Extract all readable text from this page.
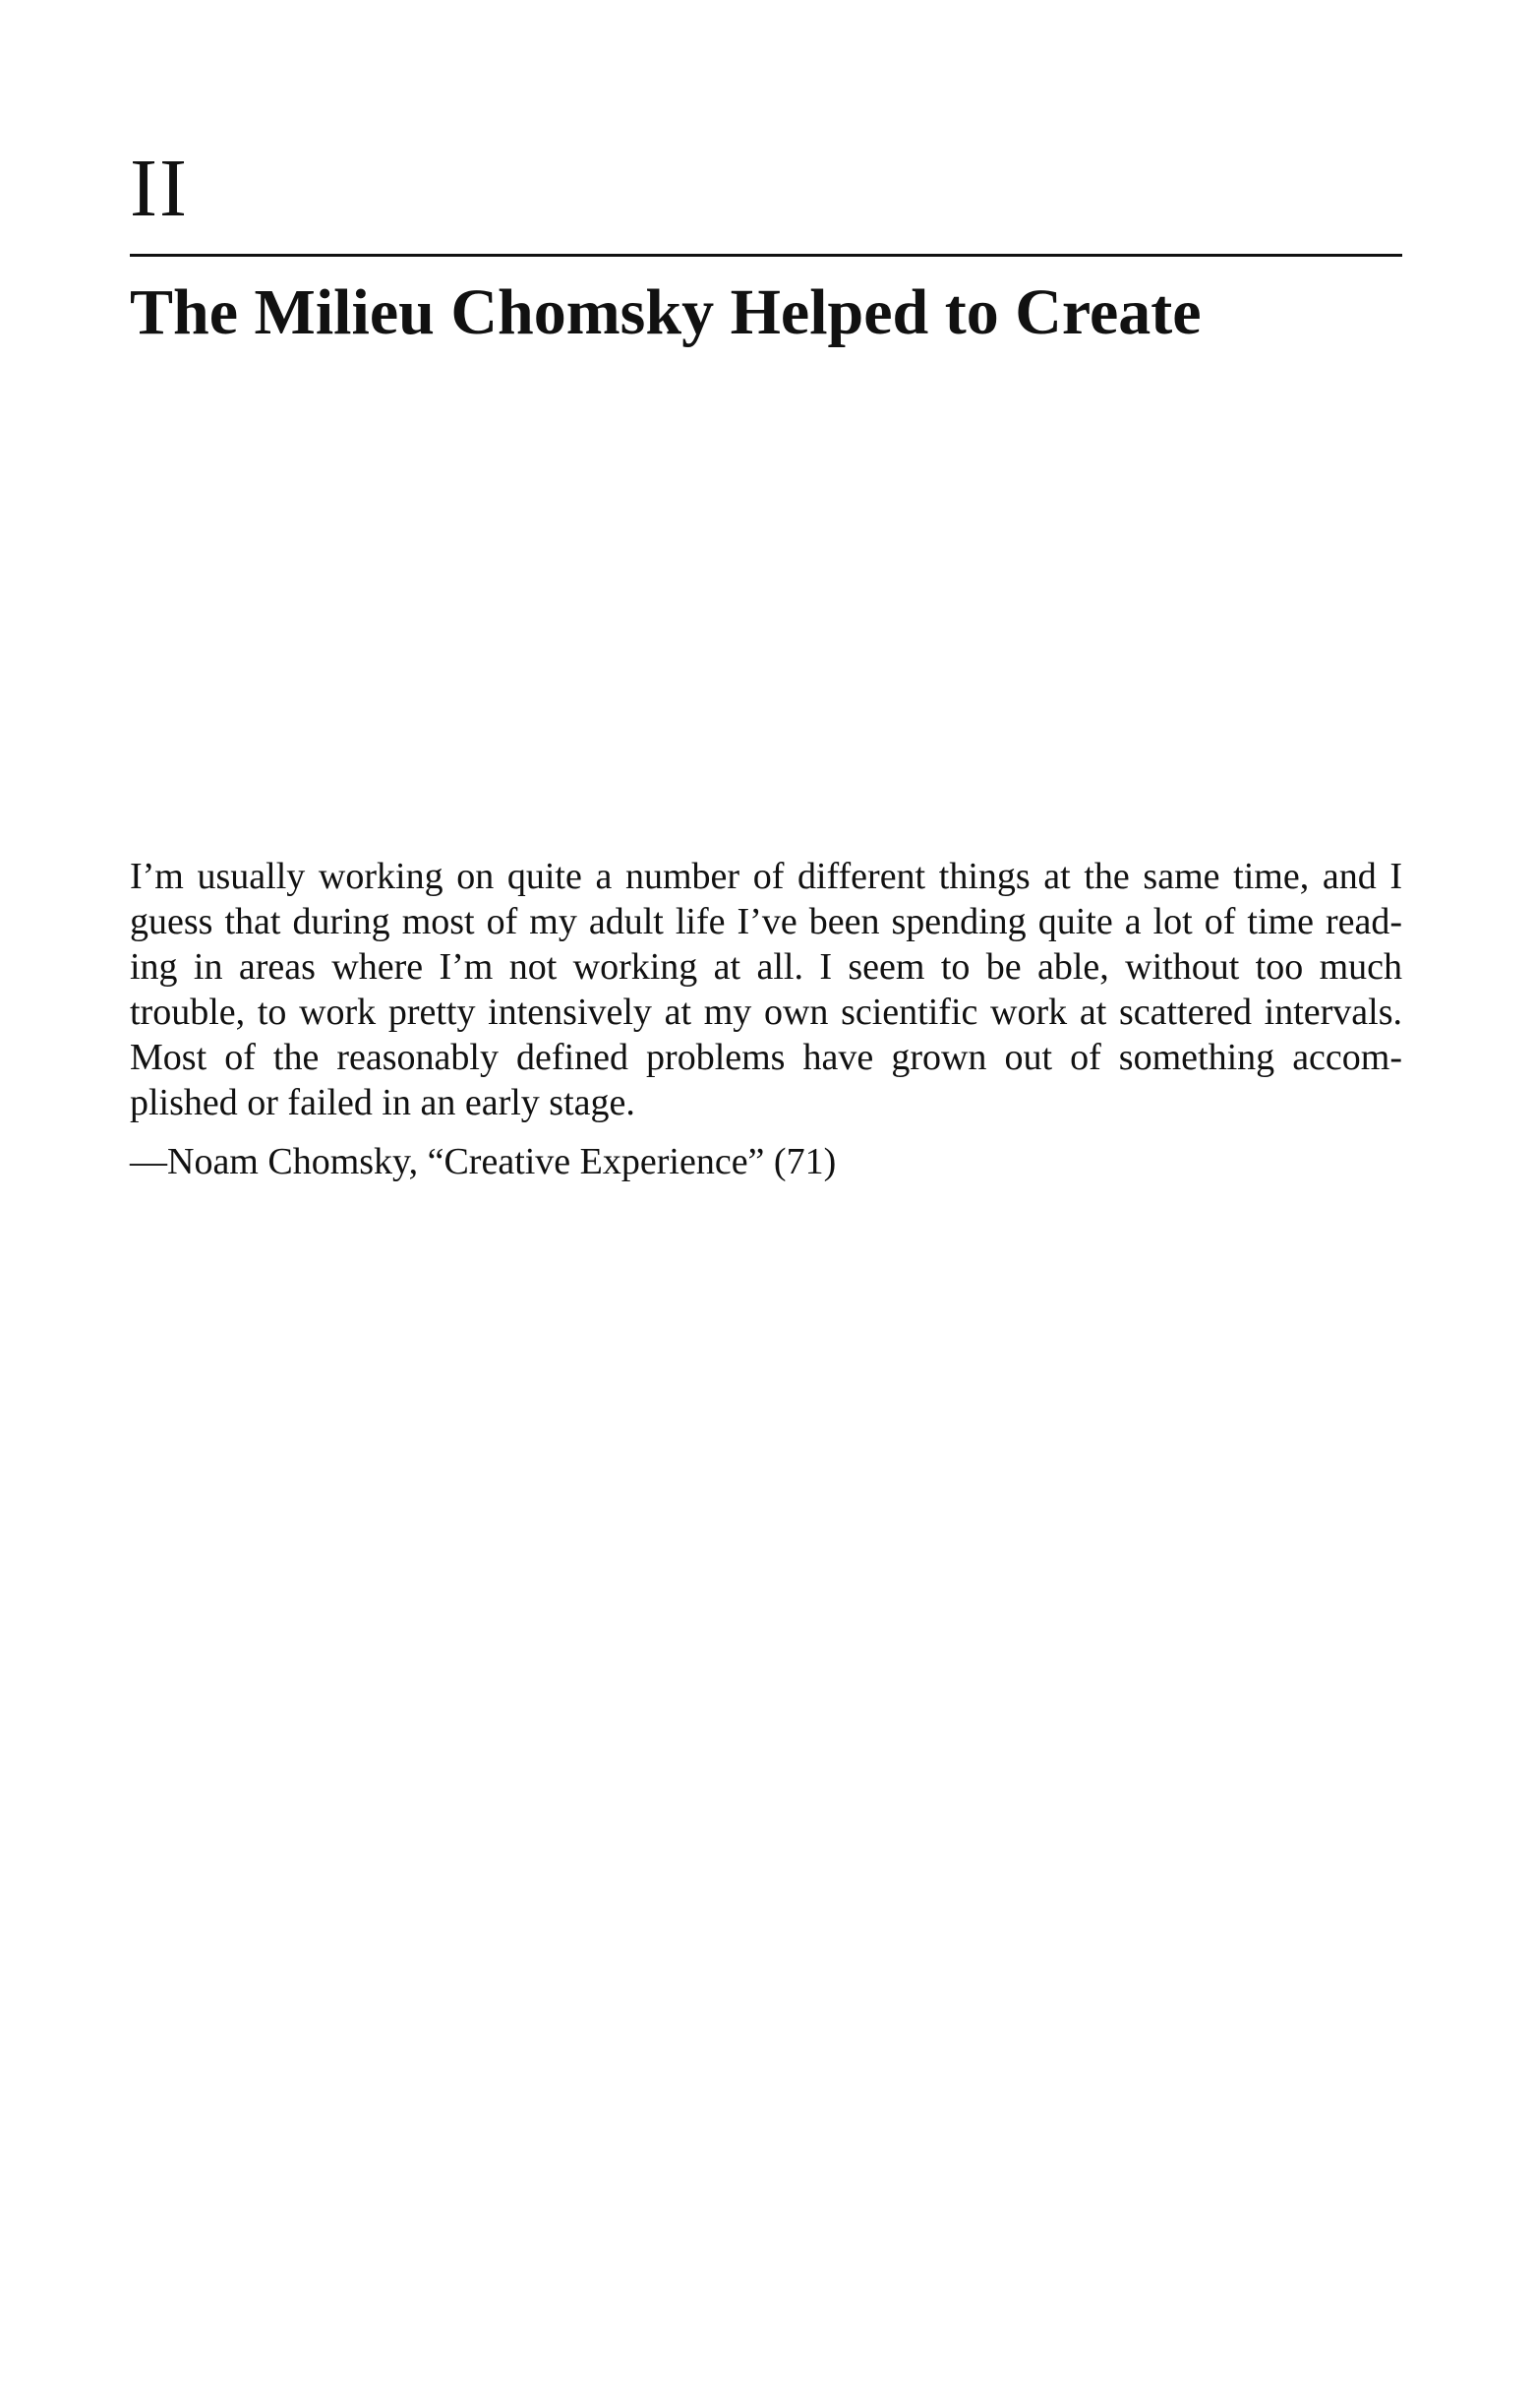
II
The Milieu Chomsky Helped to Create
I’m usually working on quite a number of different things at the same time, and I
guess that during most of my adult life I’ve been spending quite a lot of time read-
ing in areas where I’m not working at all. I seem to be able, without too much
trouble, to work pretty intensively at my own scientific work at scattered intervals.
Most of the reasonably defined problems have grown out of something accom-
plished or failed in an early stage.
—Noam Chomsky, “Creative Experience” (71)
